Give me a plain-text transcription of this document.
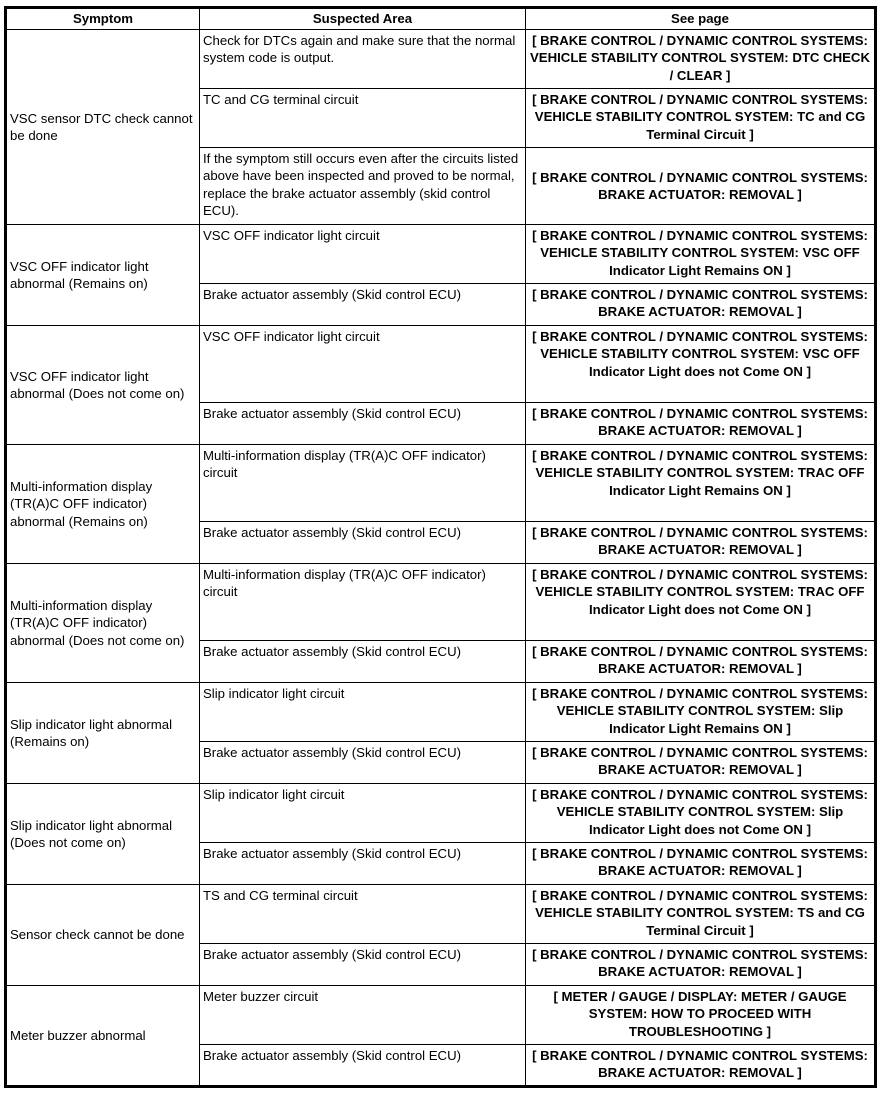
Symptom	Suspected Area	See page
VSC sensor DTC check cannot be done	Check for DTCs again and make sure that the normal system code is output.	[ BRAKE CONTROL / DYNAMIC CONTROL SYSTEMS: VEHICLE STABILITY CONTROL SYSTEM: DTC CHECK / CLEAR ]
	TC and CG terminal circuit	[ BRAKE CONTROL / DYNAMIC CONTROL SYSTEMS: VEHICLE STABILITY CONTROL SYSTEM: TC and CG Terminal Circuit ]
	If the symptom still occurs even after the circuits listed above have been inspected and proved to be normal, replace the brake actuator assembly (skid control ECU).	[ BRAKE CONTROL / DYNAMIC CONTROL SYSTEMS: BRAKE ACTUATOR: REMOVAL ]
VSC OFF indicator light abnormal (Remains on)	VSC OFF indicator light circuit	[ BRAKE CONTROL / DYNAMIC CONTROL SYSTEMS: VEHICLE STABILITY CONTROL SYSTEM: VSC OFF Indicator Light Remains ON ]
	Brake actuator assembly (Skid control ECU)	[ BRAKE CONTROL / DYNAMIC CONTROL SYSTEMS: BRAKE ACTUATOR: REMOVAL ]
VSC OFF indicator light abnormal (Does not come on)	VSC OFF indicator light circuit	[ BRAKE CONTROL / DYNAMIC CONTROL SYSTEMS: VEHICLE STABILITY CONTROL SYSTEM: VSC OFF Indicator Light does not Come ON ]
	Brake actuator assembly (Skid control ECU)	[ BRAKE CONTROL / DYNAMIC CONTROL SYSTEMS: BRAKE ACTUATOR: REMOVAL ]
Multi-information display (TR(A)C OFF indicator) abnormal (Remains on)	Multi-information display (TR(A)C OFF indicator) circuit	[ BRAKE CONTROL / DYNAMIC CONTROL SYSTEMS: VEHICLE STABILITY CONTROL SYSTEM: TRAC OFF Indicator Light Remains ON ]
	Brake actuator assembly (Skid control ECU)	[ BRAKE CONTROL / DYNAMIC CONTROL SYSTEMS: BRAKE ACTUATOR: REMOVAL ]
Multi-information display (TR(A)C OFF indicator) abnormal (Does not come on)	Multi-information display (TR(A)C OFF indicator) circuit	[ BRAKE CONTROL / DYNAMIC CONTROL SYSTEMS: VEHICLE STABILITY CONTROL SYSTEM: TRAC OFF Indicator Light does not Come ON ]
	Brake actuator assembly (Skid control ECU)	[ BRAKE CONTROL / DYNAMIC CONTROL SYSTEMS: BRAKE ACTUATOR: REMOVAL ]
Slip indicator light abnormal (Remains on)	Slip indicator light circuit	[ BRAKE CONTROL / DYNAMIC CONTROL SYSTEMS: VEHICLE STABILITY CONTROL SYSTEM: Slip Indicator Light Remains ON ]
	Brake actuator assembly (Skid control ECU)	[ BRAKE CONTROL / DYNAMIC CONTROL SYSTEMS: BRAKE ACTUATOR: REMOVAL ]
Slip indicator light abnormal (Does not come on)	Slip indicator light circuit	[ BRAKE CONTROL / DYNAMIC CONTROL SYSTEMS: VEHICLE STABILITY CONTROL SYSTEM: Slip Indicator Light does not Come ON ]
	Brake actuator assembly (Skid control ECU)	[ BRAKE CONTROL / DYNAMIC CONTROL SYSTEMS: BRAKE ACTUATOR: REMOVAL ]
Sensor check cannot be done	TS and CG terminal circuit	[ BRAKE CONTROL / DYNAMIC CONTROL SYSTEMS: VEHICLE STABILITY CONTROL SYSTEM: TS and CG Terminal Circuit ]
	Brake actuator assembly (Skid control ECU)	[ BRAKE CONTROL / DYNAMIC CONTROL SYSTEMS: BRAKE ACTUATOR: REMOVAL ]
Meter buzzer abnormal	Meter buzzer circuit	[ METER / GAUGE / DISPLAY: METER / GAUGE SYSTEM: HOW TO PROCEED WITH TROUBLESHOOTING ]
	Brake actuator assembly (Skid control ECU)	[ BRAKE CONTROL / DYNAMIC CONTROL SYSTEMS: BRAKE ACTUATOR: REMOVAL ]
